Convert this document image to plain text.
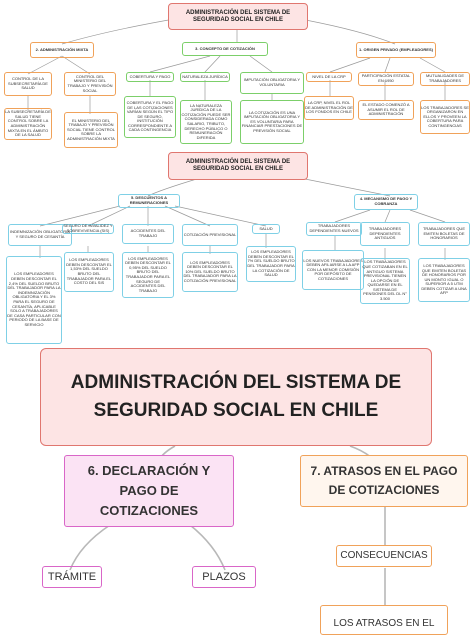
ADMINISTRACIÓN DEL SISTEMA DE SEGURIDAD SOCIAL EN CHILE
2. ADMINISTRACIÓN MIXTA
CONTROL DE LA SUBSECRETARÍA DE SALUD
CONTROL DEL MINISTERIO DEL TRABAJO Y PREVISIÓN SOCIAL
LA SUBSECRETARÍA DE SALUD TIENE CONTROL SOBRE LA ADMINISTRACIÓN MIXTA EN EL ÁMBITO DE LA SALUD
EL MINISTERIO DEL TRABAJO Y PREVISIÓN SOCIAL TIENE CONTROL SOBRE LA ADMINISTRACIÓN MIXTA
3. CONCEPTO DE COTIZACIÓN
COBERTURA Y PAGO	NATURALEZA JURÍDICA
IMPUTACIÓN OBLIGATORIA Y VOLUNTARIA
COBERTURA Y EL PAGO DE LAS COTIZACIONES VARÍAN SEGÚN EL TIPO DE SEGURO, INSTITUCIÓN CORRESPONDIENTE A CADA CONTINGENCIA
LA NATURALEZA JURÍDICA DE LA COTIZACIÓN PUEDE SER CONSIDERADA COMO SALARIO, TRIBUTO, DERECHO PÚBLICO O REMUNERACIÓN DIFERIDA
LA COTIZACIÓN ES UNA IMPUTACIÓN OBLIGATORIA Y ES VOLUNTARIA PARA FINANCIAR PRESTACIONES DE PREVISIÓN SOCIAL
1. ORIGEN PRIVADO (EMPLEADORES)
NIVEL DE LA CRP	PARTICIPACIÓN ESTATAL EN 1950
MUTUALIDADES DE TRABAJADORES
LA CRP, NIVEL EL ROL DE ADMINISTRACIÓN DE LOS FONDOS EN CHILE
EL ESTADO COMENZÓ A ASUMIR EL ROL DE ADMINISTRACIÓN
LOS TRABAJADORES SE ORGANIZARON EN ELLOS Y PROVEEN LA COBERTURA PARA CONTINGENCIAS
ADMINISTRACIÓN DEL SISTEMA DE SEGURIDAD SOCIAL EN CHILE
5. DESCUENTOS A REMUNERACIONES
INDEMNIZACIÓN OBLIGATORIA Y SEGURO DE CESANTÍA
SEGURO DE INVALIDEZ Y SOBREVIVENCIA (SIS)	ACCIDENTES DEL TRABAJO	COTIZACIÓN PREVISIONAL
SALUD
LOS EMPLEADORES DEBEN DESCONTAR EL 2,4% DEL SUELDO BRUTO DEL TRABAJADOR PARA LA INDEMNIZACIÓN OBLIGATORIA Y EL 3% PARA EL SEGURO DE CESANTÍA, APLICABLE SOLO A TRABAJADORES DE CASA PARTICULAR CON PERIODO DE LA BASE DE SERVICIO
LOS EMPLEADORES DEBEN DESCONTAR EL 1,53% DEL SUELDO BRUTO DEL TRABAJADOR PARA EL COSTO DEL SIS
LOS EMPLEADORES DEBEN DESCONTAR EL 0,95% DEL SUELDO BRUTO DEL TRABAJADOR PARA EL SEGURO DE ACCIDENTES DEL TRABAJO
LOS EMPLEADORES DEBEN DESCONTAR EL 10% DEL SUELDO BRUTO DEL TRABAJADOR PARA LA COTIZACIÓN PREVISIONAL
LOS EMPLEADORES DEBEN DESCONTAR EL 7% DEL SUELDO BRUTO DEL TRABAJADOR PARA LA COTIZACIÓN DE SALUD
4. MECANISMO DE PAGO Y COBRANZA
TRABAJADORES DEPENDIENTES NUEVOS	TRABAJADORES DEPENDIENTES ANTIGUOS
TRABAJADORES QUE EMITEN BOLETAS DE HONORARIOS
LOS NUEVOS TRABAJADORES DEBEN AFILIARSE A LA AFP CON LA MENOR COMISIÓN POR DEPÓSITO DE COTIZACIONES
LOS TRABAJADORES QUE COTIZABAN EN EL ANTIGUO SISTEMA PREVISIONAL TIENEN LA OPCIÓN DE QUEDARSE EN EL SISTEMA DE PENSIONES DEL DL N° 3.500
LOS TRABAJADORES QUE EMITEN BOLETAS DE HONORARIOS POR UN MONTO IGUAL O SUPERIOR A 5 UTM DEBEN COTIZAR A UNA AFP
ADMINISTRACIÓN DEL SISTEMA DE SEGURIDAD SOCIAL EN CHILE
6. DECLARACIÓN Y PAGO DE COTIZACIONES
TRÁMITE	PLAZOS
7. ATRASOS EN EL PAGO DE COTIZACIONES
CONSECUENCIAS
LOS ATRASOS EN EL
